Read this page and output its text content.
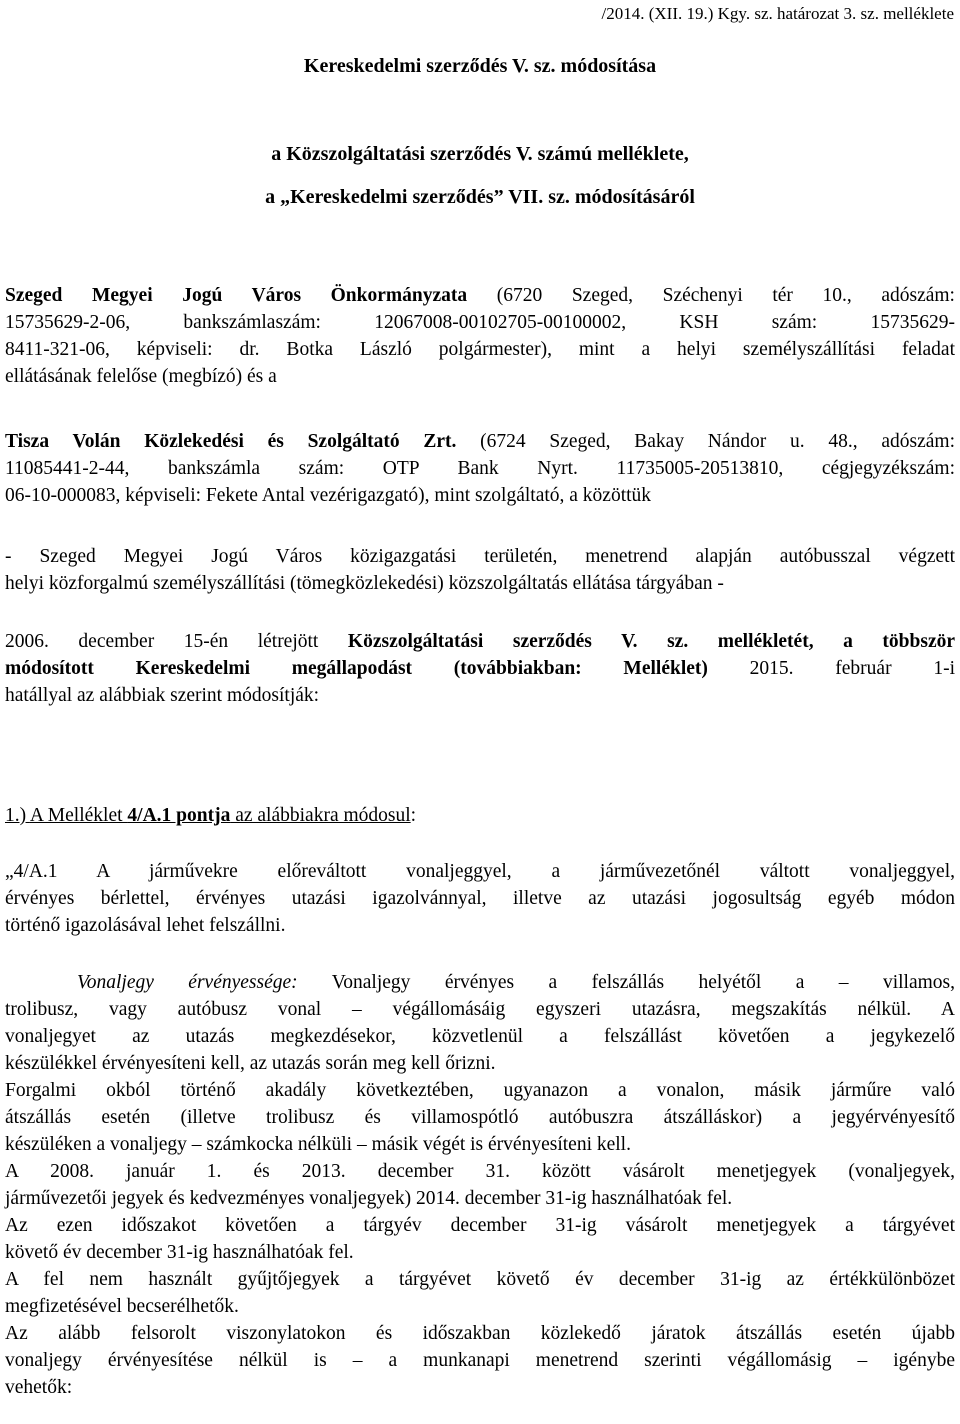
/2014. (XII. 19.) Kgy. sz. határozat 3. sz. melléklete
Kereskedelmi szerződés V. sz. módosítása
a Közszolgáltatási szerződés V. számú melléklete,
a „Kereskedelmi szerződés” VII. sz. módosításáról
Szeged Megyei Jogú Város Önkormányzata (6720 Szeged, Széchenyi tér 10., adószám:
15735629-2-06, bankszámlaszám: 12067008-00102705-00100002, KSH szám: 15735629-
8411-321-06, képviseli: dr. Botka László polgármester), mint a helyi személyszállítási feladat
ellátásának felelőse (megbízó) és a
Tisza Volán Közlekedési és Szolgáltató Zrt. (6724 Szeged, Bakay Nándor u. 48., adószám:
11085441-2-44, bankszámla szám: OTP Bank Nyrt. 11735005-20513810, cégjegyzékszám:
06-10-000083, képviseli: Fekete Antal vezérigazgató), mint szolgáltató, a közöttük
- Szeged Megyei Jogú Város közigazgatási területén, menetrend alapján autóbusszal végzett
helyi közforgalmú személyszállítási (tömegközlekedési) közszolgáltatás ellátása tárgyában -
2006. december 15-én létrejött Közszolgáltatási szerződés V. sz. mellékletét, a többször
módosított Kereskedelmi megállapodást (továbbiakban: Melléklet) 2015. február 1-i
hatállyal az alábbiak szerint módosítják:
1.) A Melléklet 4/A.1 pontja az alábbiakra módosul:
„4/A.1 A járművekre előreváltott vonaljeggyel, a járművezetőnél váltott vonaljeggyel,
érvényes bérlettel, érvényes utazási igazolvánnyal, illetve az utazási jogosultság egyéb módon
történő igazolásával lehet felszállni.
Vonaljegy érvényessége: Vonaljegy érvényes a felszállás helyétől a – villamos,
trolibusz, vagy autóbusz vonal – végállomásáig egyszeri utazásra, megszakítás nélkül. A
vonaljegyet az utazás megkezdésekor, közvetlenül a felszállást követően a jegykezelő
készülékkel érvényesíteni kell, az utazás során meg kell őrizni.
Forgalmi okból történő akadály következtében, ugyanazon a vonalon, másik járműre való
átszállás esetén (illetve trolibusz és villamospótló autóbuszra átszálláskor) a jegyérvényesítő
készüléken a vonaljegy – számkocka nélküli – másik végét is érvényesíteni kell.
A 2008. január 1. és 2013. december 31. között vásárolt menetjegyek (vonaljegyek,
járművezetői jegyek és kedvezményes vonaljegyek) 2014. december 31-ig használhatóak fel.
Az ezen időszakot követően a tárgyév december 31-ig vásárolt menetjegyek a tárgyévet
követő év december 31-ig használhatóak fel.
A fel nem használt gyűjtőjegyek a tárgyévet követő év december 31-ig az értékkülönbözet
megfizetésével becserélhetők.
Az alább felsorolt viszonylatokon és időszakban közlekedő járatok átszállás esetén újabb
vonaljegy érvényesítése nélkül is – a munkanapi menetrend szerinti végállomásig – igénybe
vehetők:
